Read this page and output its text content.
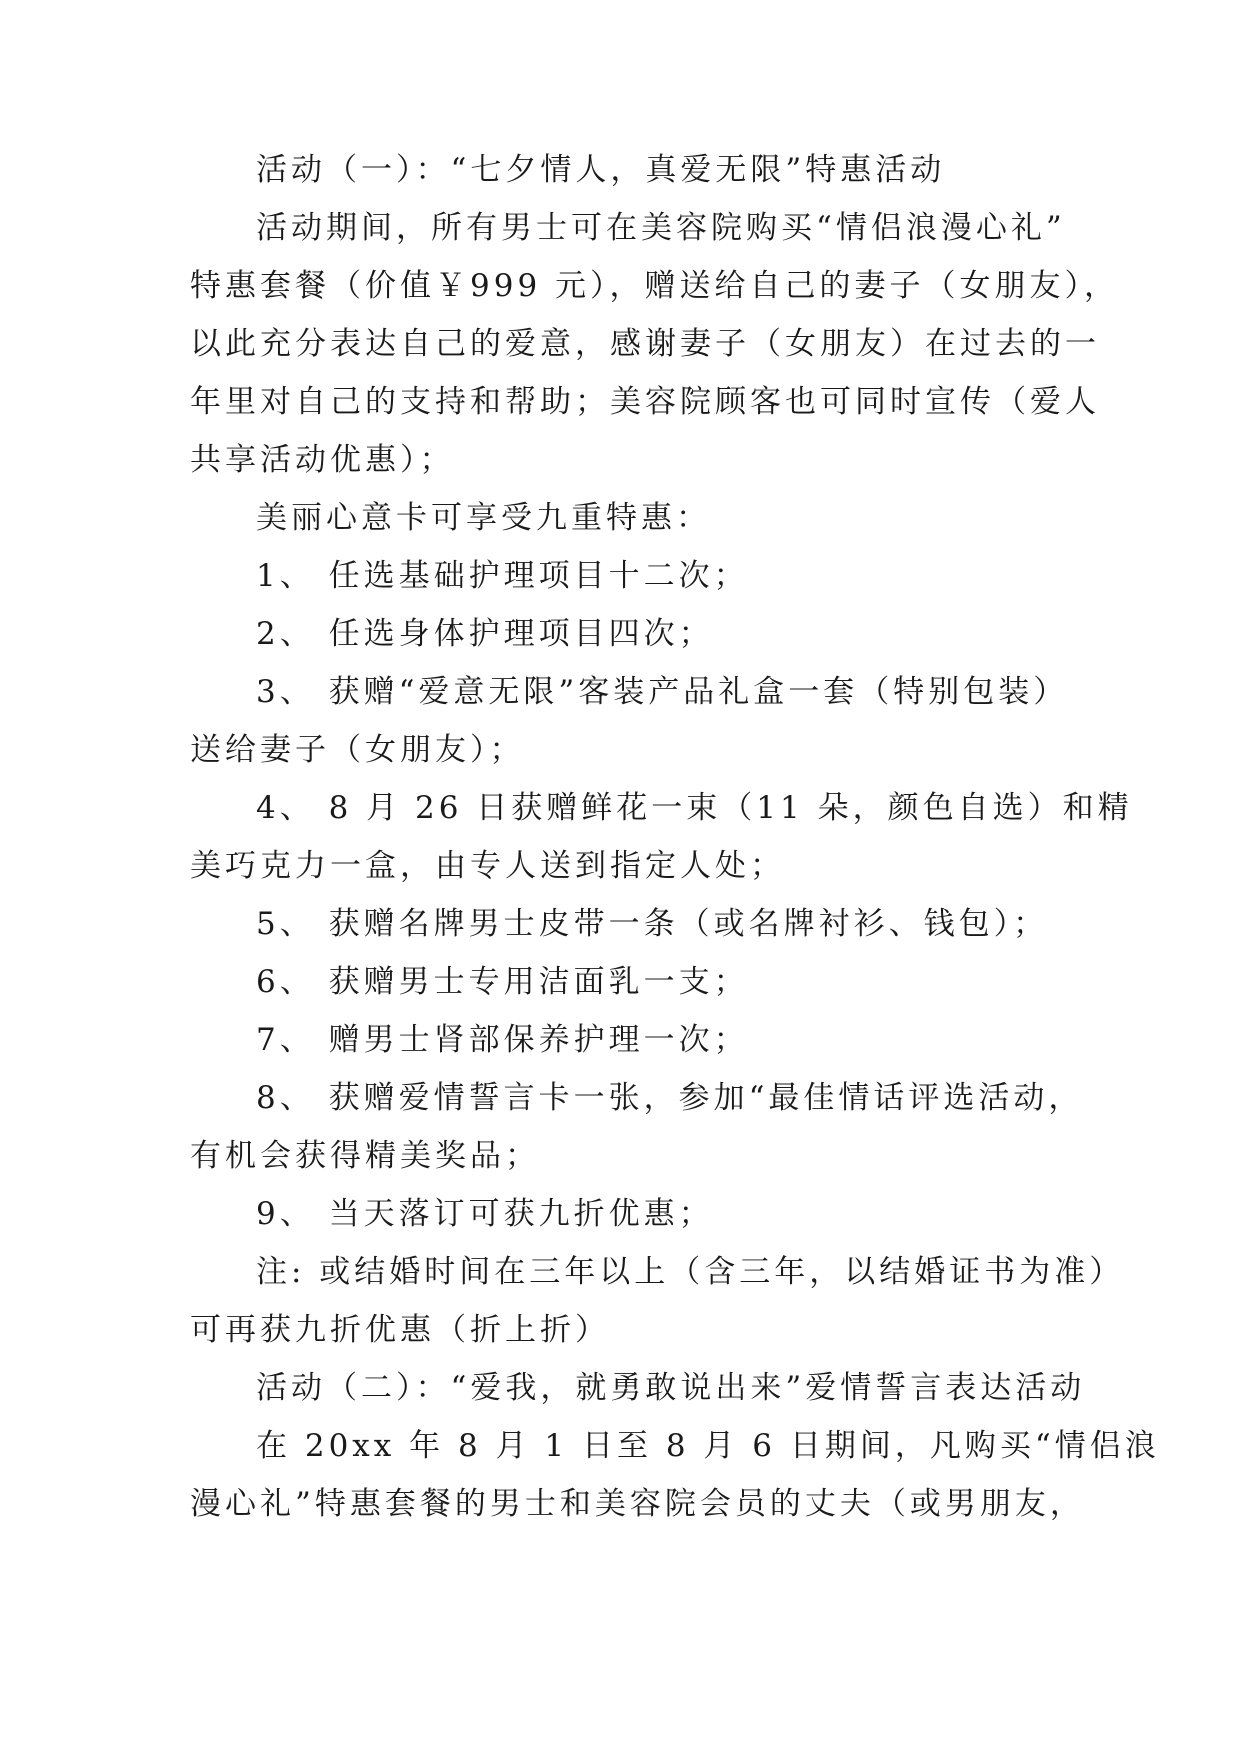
活动（一）：“七夕情人，真爱无限”特惠活动
活动期间，所有男士可在美容院购买“情侣浪漫心礼”
特惠套餐（价值￥999 元），赠送给自己的妻子（女朋友），
以此充分表达自己的爱意，感谢妻子（女朋友）在过去的一
年里对自己的支持和帮助；美容院顾客也可同时宣传（爱人
共享活动优惠）；
美丽心意卡可享受九重特惠：
1、 任选基础护理项目十二次；
2、 任选身体护理项目四次；
3、 获赠“爱意无限”客装产品礼盒一套（特别包装）
送给妻子（女朋友）；
4、 8 月 26 日获赠鲜花一束（11 朵，颜色自选）和精
美巧克力一盒，由专人送到指定人处；
5、 获赠名牌男士皮带一条（或名牌衬衫、钱包）；
6、 获赠男士专用洁面乳一支；
7、 赠男士肾部保养护理一次；
8、 获赠爱情誓言卡一张，参加“最佳情话评选活动，
有机会获得精美奖品；
9、 当天落订可获九折优惠；
注: 或结婚时间在三年以上（含三年，以结婚证书为准）
可再获九折优惠（折上折）
活动（二）：“爱我，就勇敢说出来”爱情誓言表达活动
在 20xx 年 8 月 1 日至 8 月 6 日期间，凡购买“情侣浪
漫心礼”特惠套餐的男士和美容院会员的丈夫（或男朋友，
